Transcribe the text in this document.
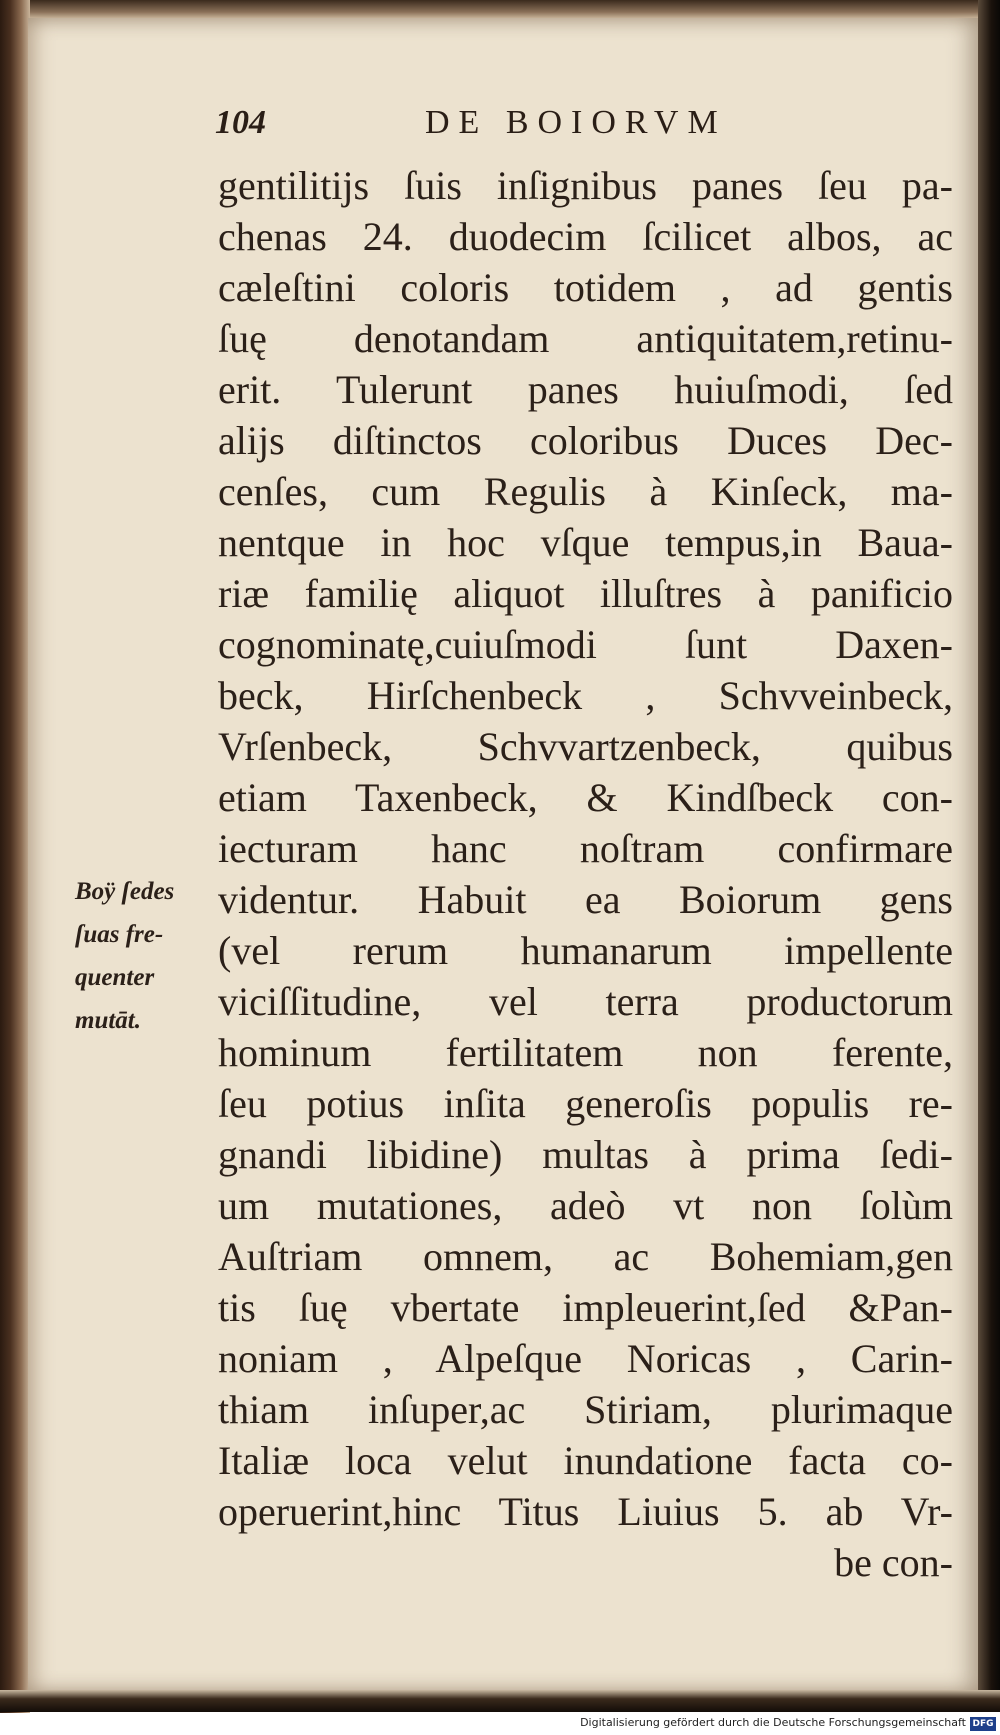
104	DE BOIORVM
Boÿ ſedes
ſuas fre-
quenter
mutāt.
gentilitijs ſuis inſignibus panes ſeu pa-
chenas 24. duodecim ſcilicet albos, ac
cæleſtini coloris totidem , ad gentis
ſuę denotandam antiquitatem,retinu-
erit. Tulerunt panes huiuſmodi, ſed
alijs diſtinctos coloribus Duces Dec-
cenſes, cum Regulis à Kinſeck, ma-
nentque in hoc vſque tempus,in Baua-
riæ familię aliquot illuſtres à panificio
cognominatę,cuiuſmodi ſunt Daxen-
beck, Hirſchenbeck , Schvveinbeck,
Vrſenbeck, Schvvartzenbeck, quibus
etiam Taxenbeck, & Kindſbeck con-
iecturam hanc noſtram confirmare
videntur. Habuit ea Boiorum gens
(vel rerum humanarum impellente
viciſſitudine, vel terra productorum
hominum fertilitatem non ferente,
ſeu potius inſita generoſis populis re-
gnandi libidine) multas à prima ſedi-
um mutationes, adeò vt non ſolùm
Auſtriam omnem, ac Bohemiam,gen
tis ſuę vbertate impleuerint,ſed &Pan-
noniam , Alpeſque Noricas , Carin-
thiam inſuper,ac Stiriam, plurimaque
Italiæ loca velut inundatione facta co-
operuerint,hinc Titus Liuius 5. ab Vr-
be con-
Digitalisierung gefördert durch die Deutsche Forschungsgemeinschaft DFG
